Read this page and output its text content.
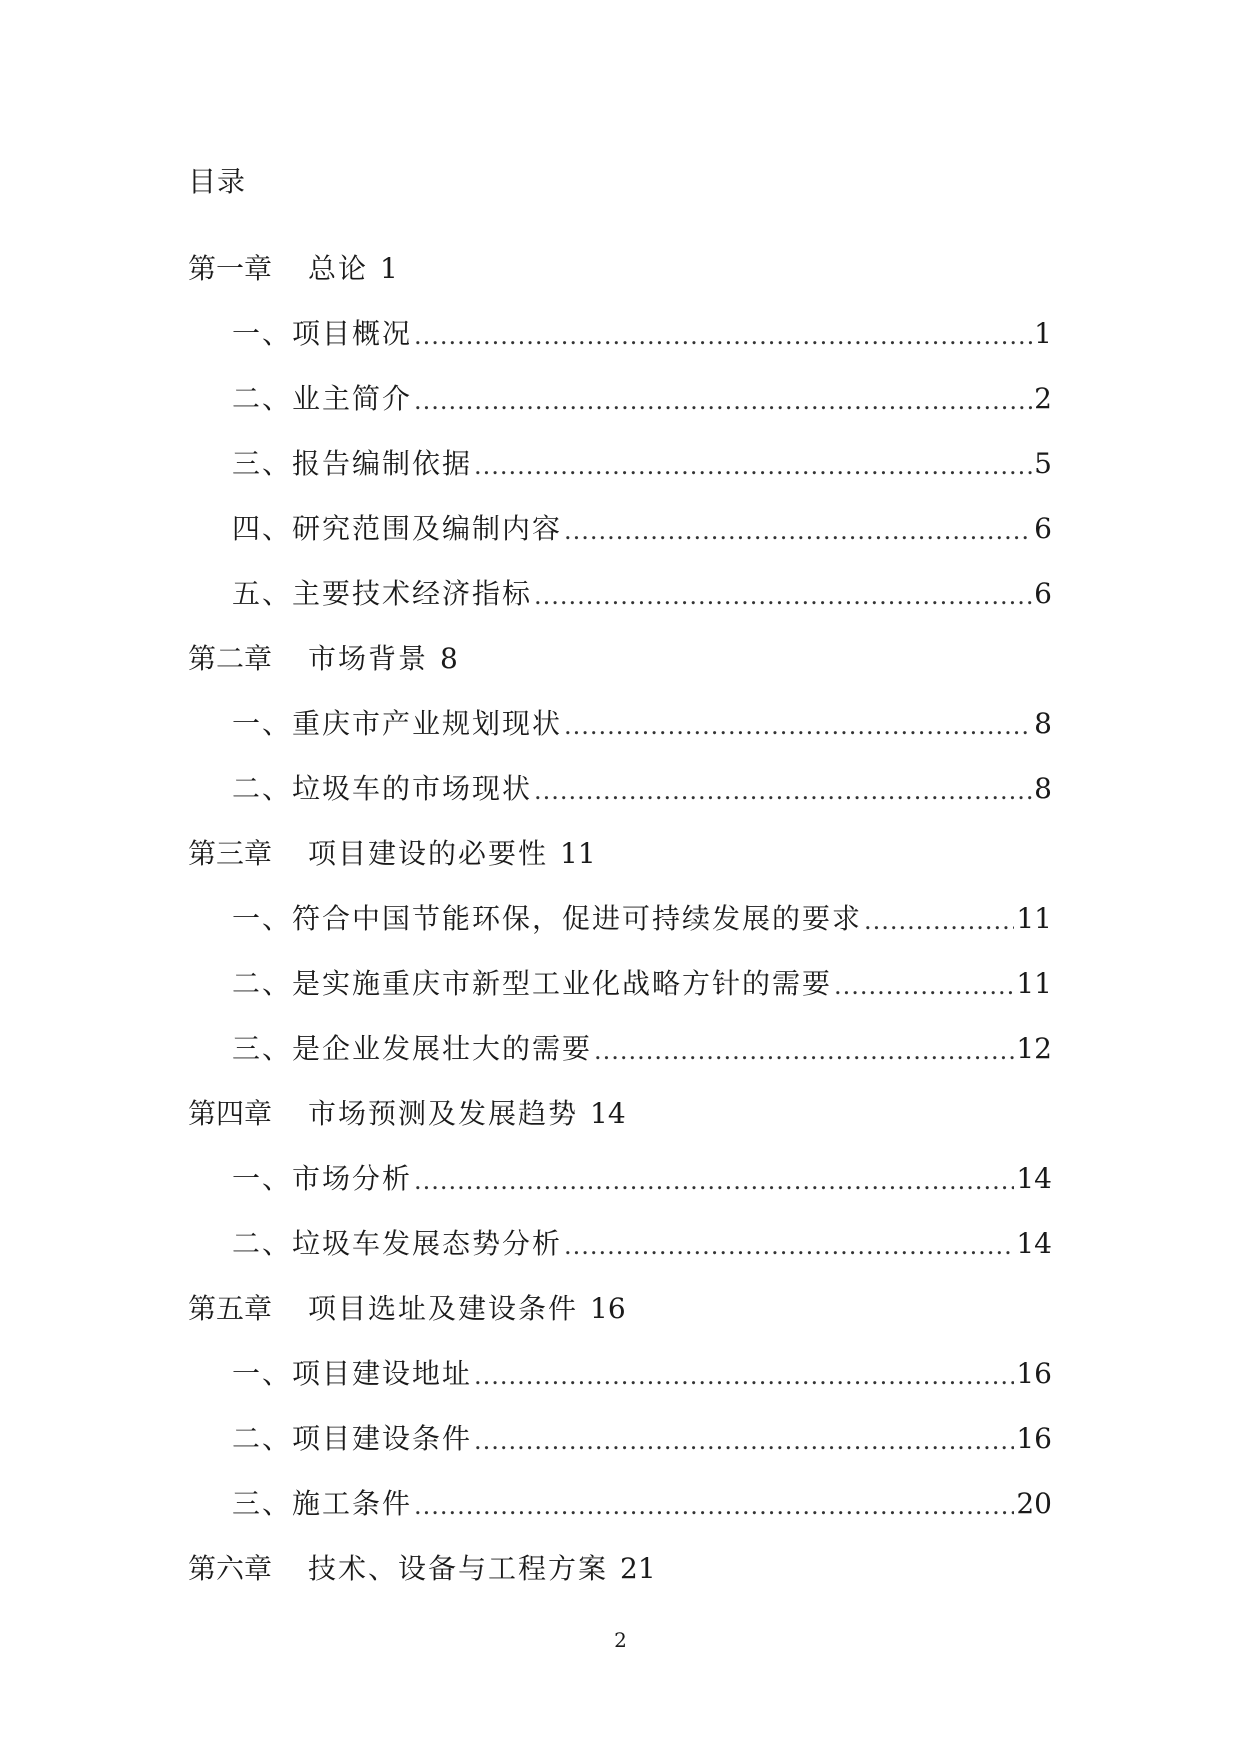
目录
第一章 总论 1
一、项目概况 .....	1
二、业主简介 .....	2
三、报告编制依据 .....	5
四、研究范围及编制内容 .....	6
五、主要技术经济指标 .....	6
第二章 市场背景 8
一、重庆市产业规划现状 .....	8
二、垃圾车的市场现状 .....	8
第三章 项目建设的必要性 11
一、符合中国节能环保，促进可持续发展的要求 .....	11
二、是实施重庆市新型工业化战略方针的需要 .....	11
三、是企业发展壮大的需要 .....	12
第四章 市场预测及发展趋势 14
一、市场分析 .....	14
二、垃圾车发展态势分析 .....	14
第五章 项目选址及建设条件 16
一、项目建设地址 .....	16
二、项目建设条件 .....	16
三、施工条件 .....	20
第六章 技术、设备与工程方案 21
2
